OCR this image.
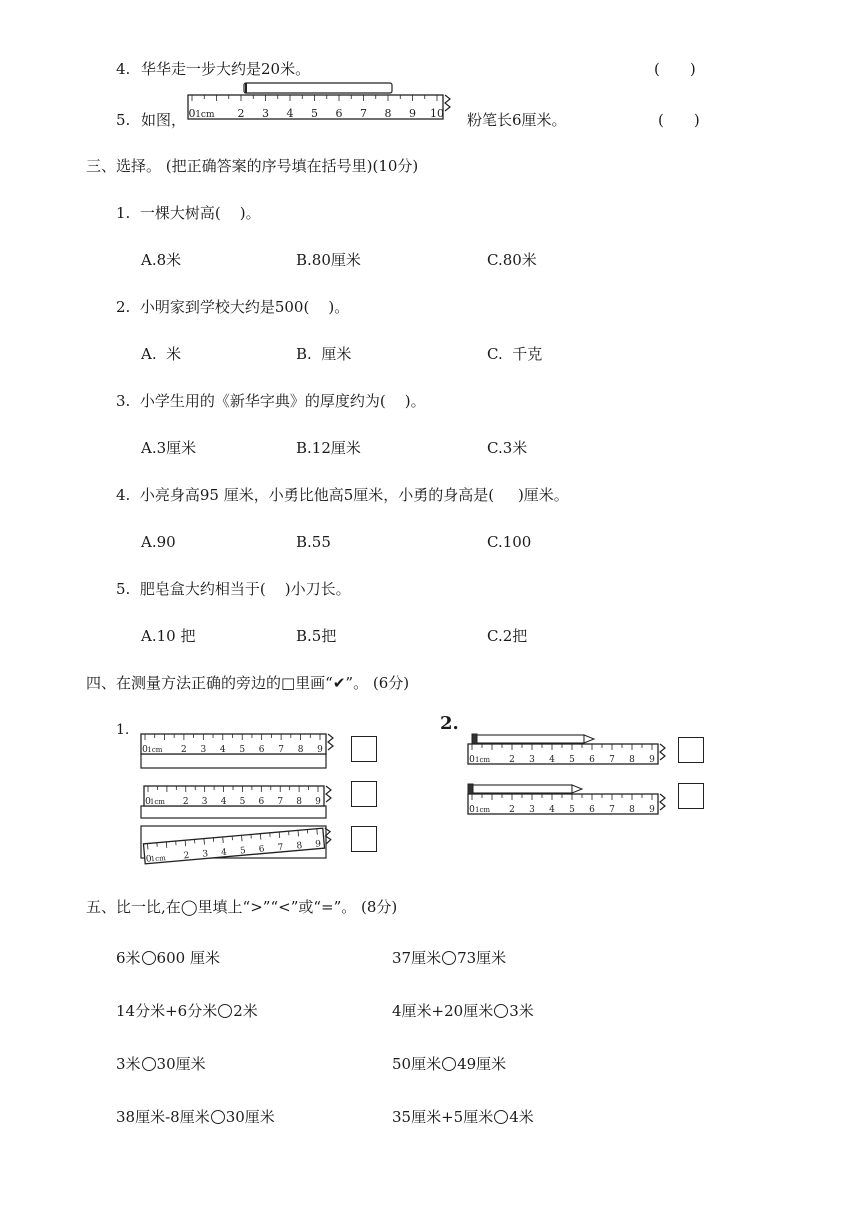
4. 华华走一步大约是20米。	(　　)
5. 如图， 0 1cm 2 3 4 5 6 7 8 9 10 粉笔长6厘米。	(　　)
三、选择。 (把正确答案的序号填在括号里)(10分)
1.  一棵大树高(    )。
A.8米	B.80厘米	C.80米
2.  小明家到学校大约是500(    )。
A.  米	B.  厘米	C.  千克
3.  小学生用的《新华字典》的厚度约为(    )。
A.3厘米	B.12厘米	C.3米
4.  小亮身高95 厘米，小勇比他高5厘米，小勇的身高是(     )厘米。
A.90	B.55	C.100
5.  肥皂盒大约相当于(    )小刀长。
A.10 把	B.5把	C.2把
四、在测量方法正确的旁边的□里画“✔”。 (6分)
1.	2.
0 1cm 2 3 4 5 6 7 8 9
0 1cm 2 3 4 5 6 7 8 9
0
1cm 2 3 4 5 6 7 8 9
0 1cm 2 3 4 5 6 7 8 9
0 1cm 2 3 4 5 6 7 8 9
五、比一比,在◯里填上“>”“<”或“=”。 (8分)
6米 600 厘米	37厘米 73厘米
14分米+6分米 2米	4厘米+20厘米 3米
3米 30厘米	50厘米 49厘米
38厘米-8厘米 30厘米	35厘米+5厘米 4米
